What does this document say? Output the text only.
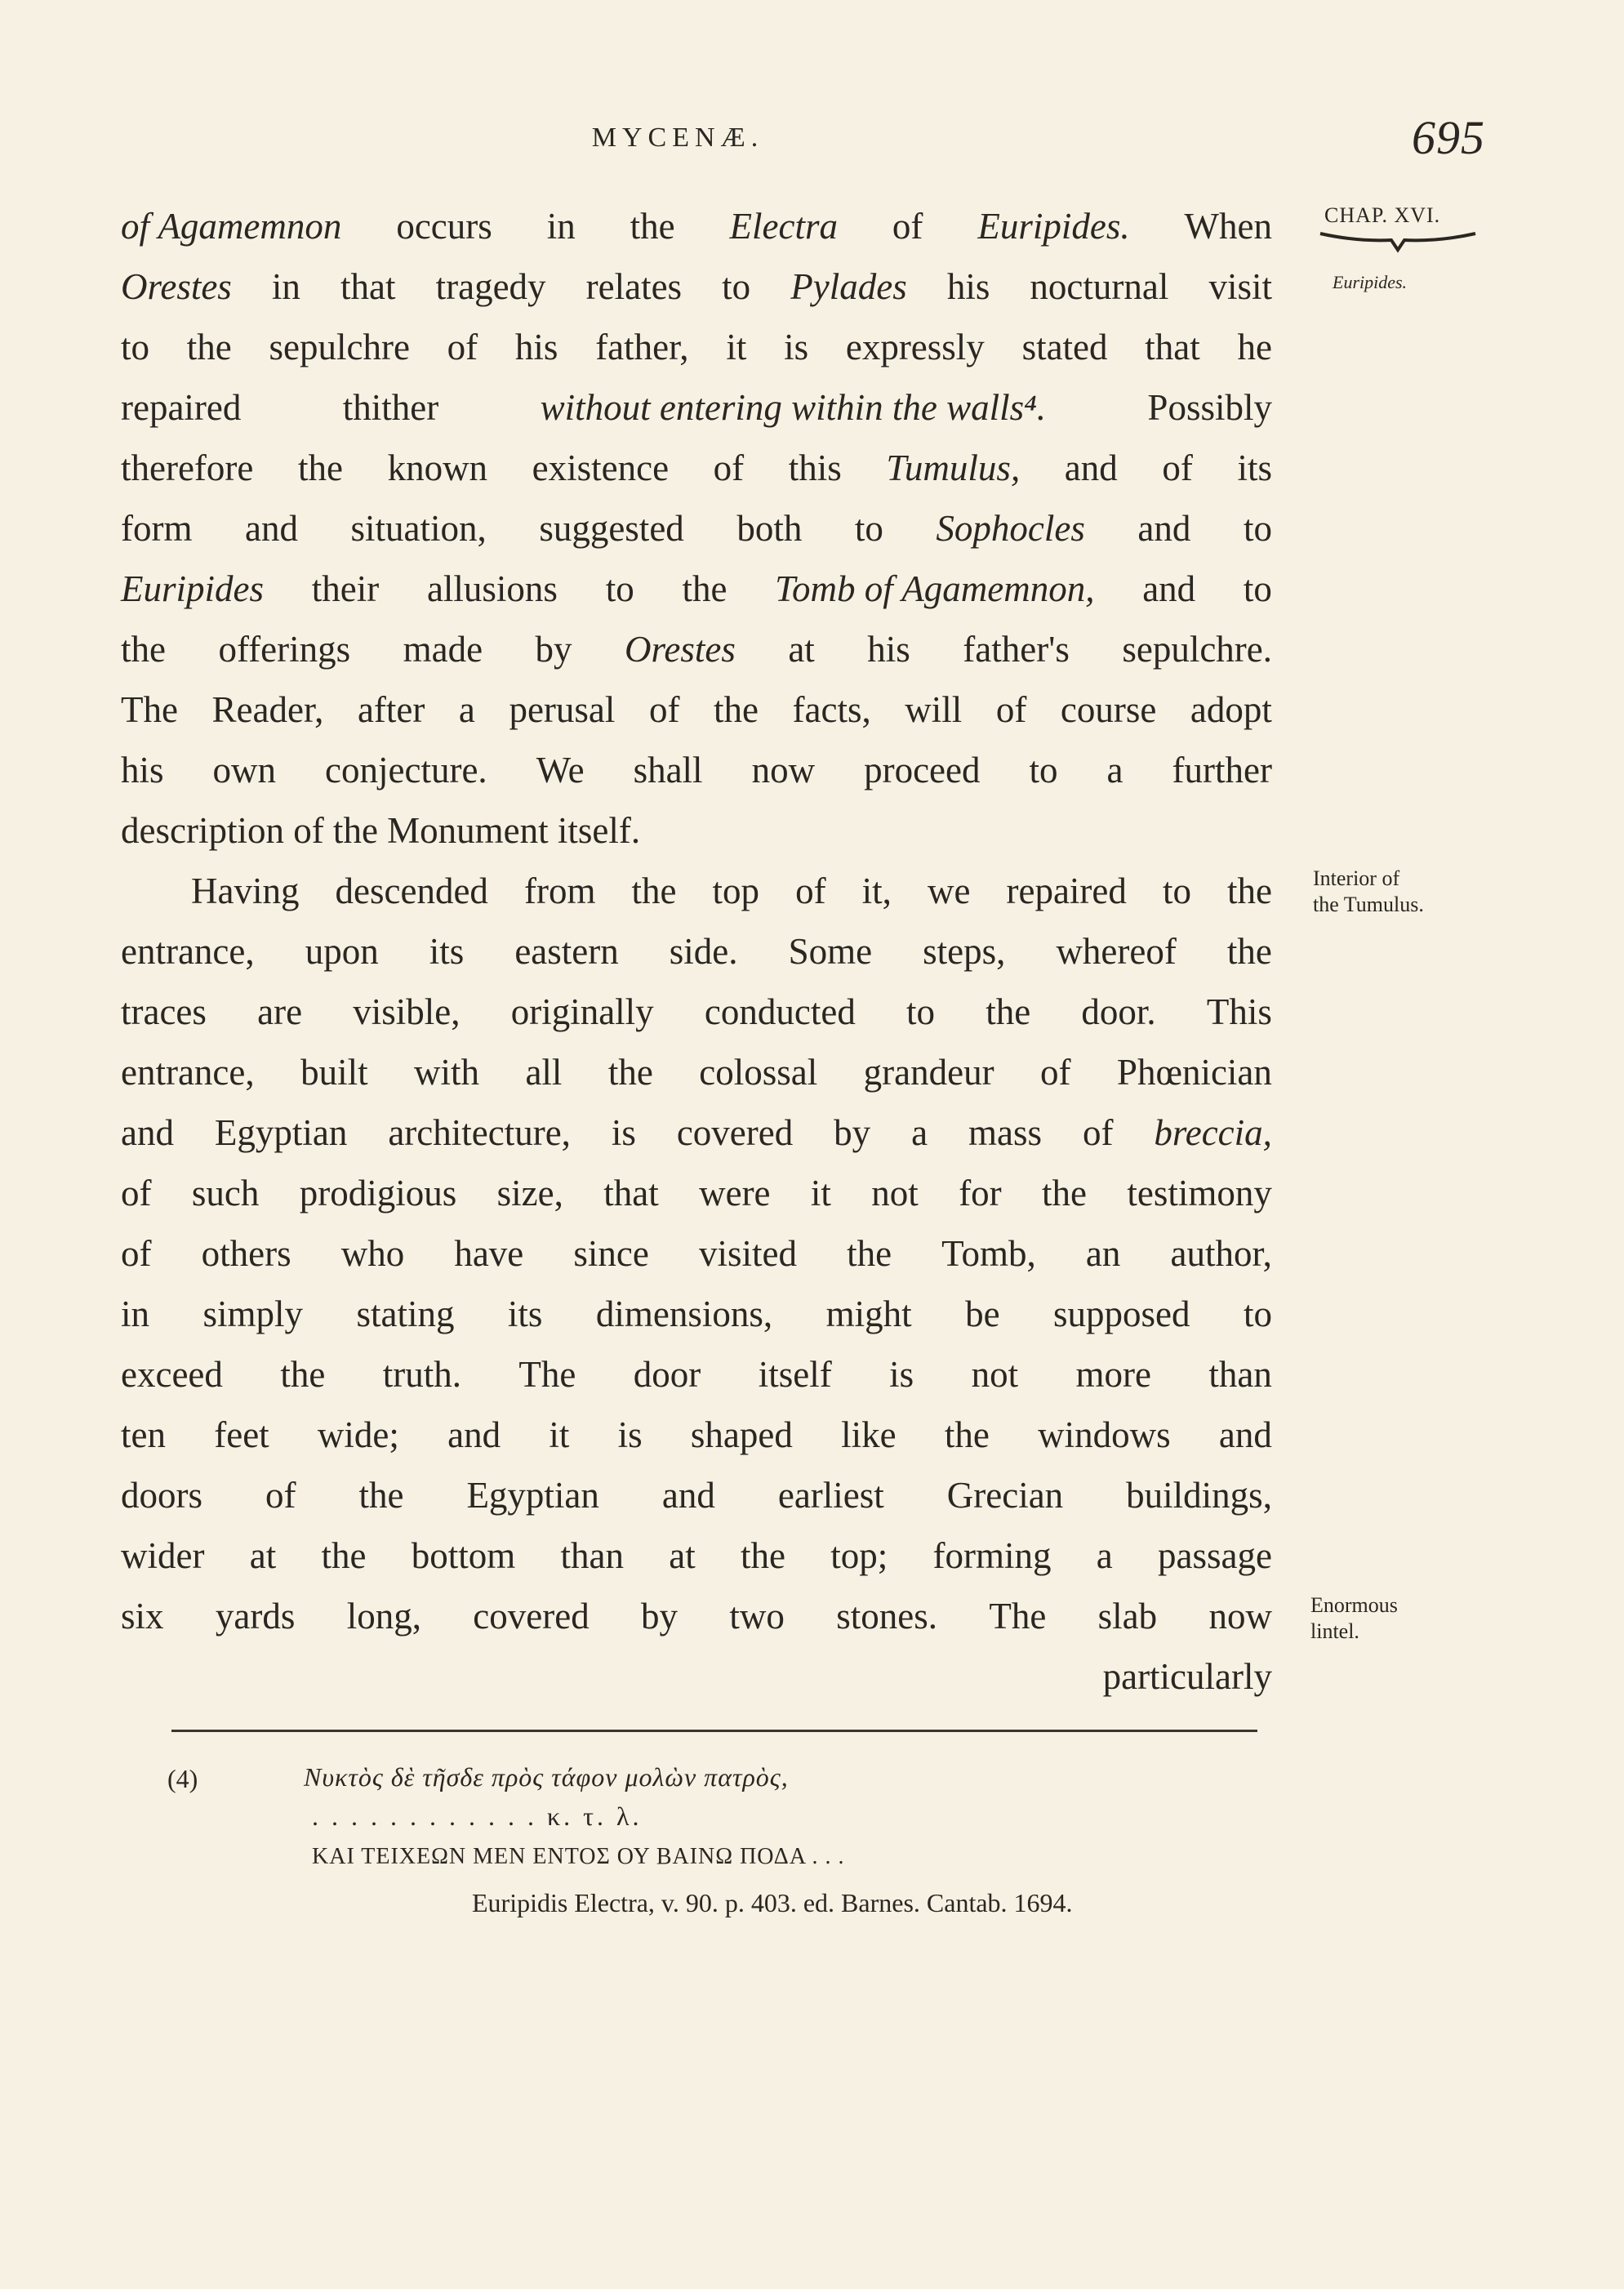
MYCENÆ.	695
CHAP. XVI.
Euripides.
Interior of
the Tumulus.
Enormous
lintel.
of Agamemnon occurs in the Electra of Euripides. When
Orestes in that tragedy relates to Pylades his nocturnal visit
to the sepulchre of his father, it is expressly stated that he
repaired	thither	without entering within the walls⁴.	Possibly
therefore the known existence of this Tumulus, and of its
form and situation, suggested both to Sophocles and to
Euripides their allusions to the Tomb of Agamemnon, and to
the offerings made by Orestes at his father's sepulchre.
The Reader, after a perusal of the facts, will of course adopt
his own conjecture. We shall now proceed to a further
description of the Monument itself.
Having descended from the top of it, we repaired to the
entrance, upon its eastern side. Some steps, whereof the
traces are visible, originally conducted to the door. This
entrance, built with all the colossal grandeur of Phœnician
and Egyptian architecture, is covered by a mass of breccia,
of such prodigious size, that were it not for the testimony
of others who have since visited the Tomb, an author,
in simply stating its dimensions, might be supposed to
exceed the truth. The door itself is not more than
ten feet wide; and it is shaped like the windows and
doors of the Egyptian and earliest Grecian buildings,
wider at the bottom than at the top; forming a passage
six yards long, covered by two stones. The slab now
particularly
(4)	Νυκτὸς δὲ τῆσδε πρὸς τάφον μολὼν πατρὸς,
. . . . . . . . . . . . κ. τ. λ.
ΚΑΙ ΤΕΙΧΕΩΝ ΜΕΝ ΕΝΤΟΣ ΟΥ ΒΑΙΝΩ ΠΟΔΑ . . .
Euripidis Electra, v. 90. p. 403. ed. Barnes. Cantab. 1694.
